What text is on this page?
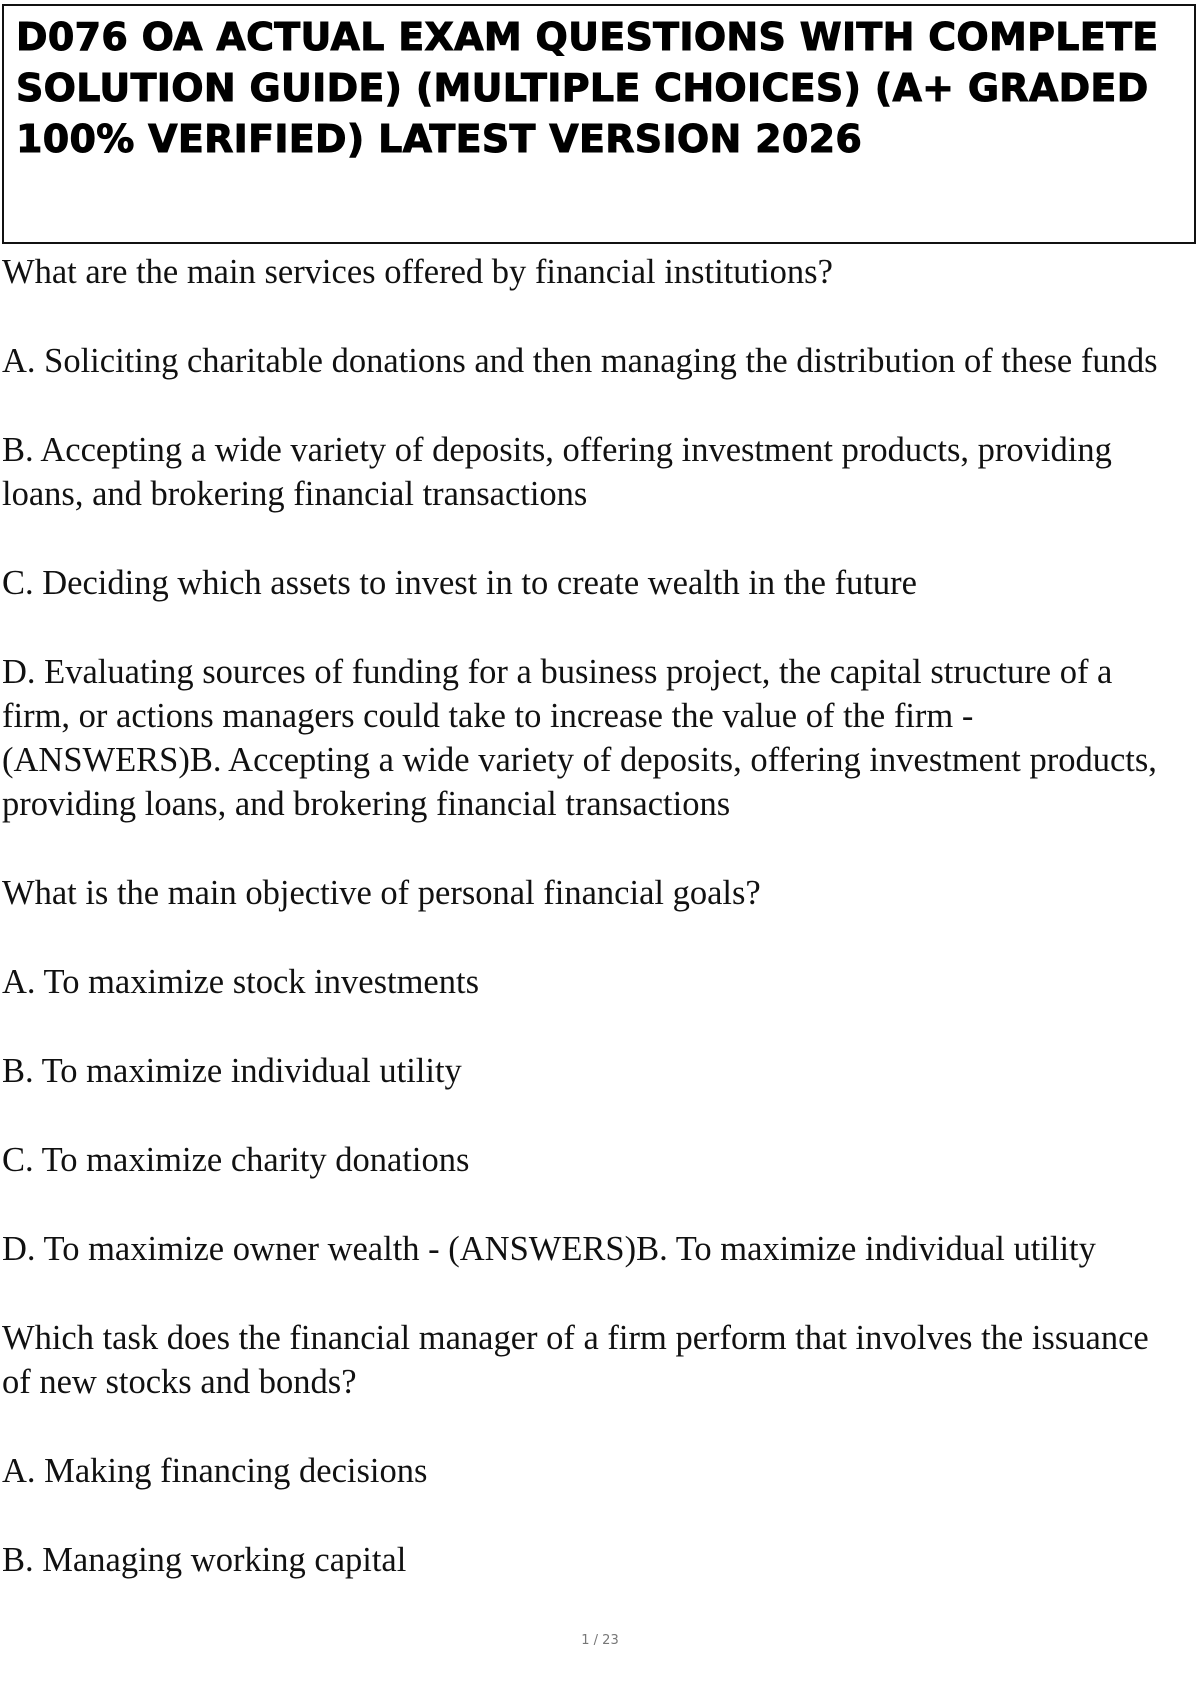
D076 OA ACTUAL EXAM QUESTIONS WITH COMPLETE

SOLUTION GUIDE) (MULTIPLE CHOICES) (A+ GRADED

100% VERIFIED) LATEST VERSION 2026

What are the main services offered by financial institutions?

A. Soliciting charitable donations and then managing the distribution of these funds

B. Accepting a wide variety of deposits, offering investment products, providing

loans, and brokering financial transactions

C. Deciding which assets to invest in to create wealth in the future

D. Evaluating sources of funding for a business project, the capital structure of a

firm, or actions managers could take to increase the value of the firm -

(ANSWERS)B. Accepting a wide variety of deposits, offering investment products,

providing loans, and brokering financial transactions

What is the main objective of personal financial goals?

A. To maximize stock investments

B. To maximize individual utility

C. To maximize charity donations

D. To maximize owner wealth - (ANSWERS)B. To maximize individual utility

Which task does the financial manager of a firm perform that involves the issuance

of new stocks and bonds?

A. Making financing decisions

B. Managing working capital

1 / 23
